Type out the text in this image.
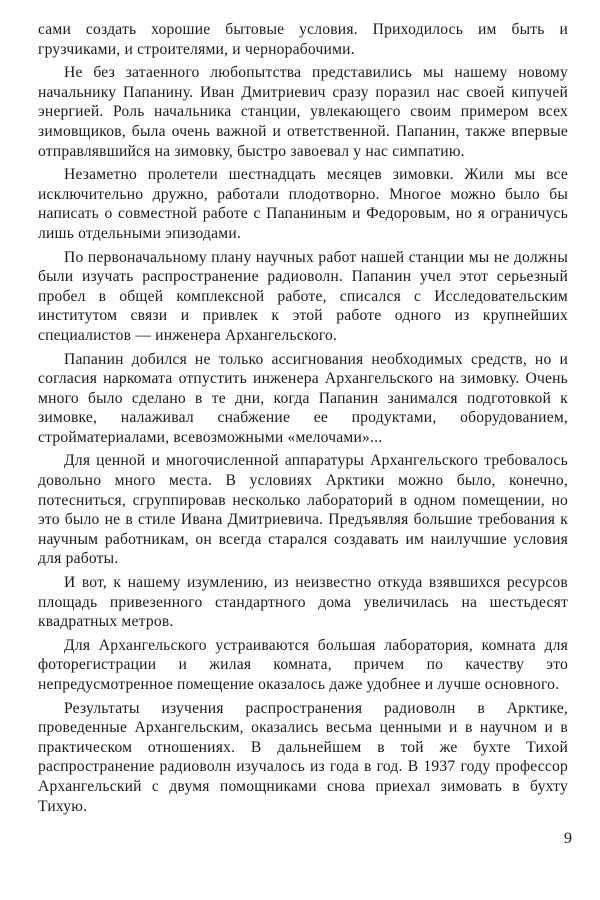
сами создать хорошие бытовые условия. Приходилось им быть и грузчиками, и строителями, и чернорабочими.

Не без затаенного любопытства представились мы нашему новому начальнику Папанину. Иван Дмитриевич сразу поразил нас своей кипучей энергией. Роль начальника станции, увлекающего своим примером всех зимовщиков, была очень важной и ответственной. Папанин, также впервые отправлявшийся на зимовку, быстро завоевал у нас симпатию.

Незаметно пролетели шестнадцать месяцев зимовки. Жили мы все исключительно дружно, работали плодотворно. Многое можно было бы написать о совместной работе с Папаниным и Федоровым, но я ограничусь лишь отдельными эпизодами.

По первоначальному плану научных работ нашей станции мы не должны были изучать распространение радиоволн. Папанин учел этот серьезный пробел в общей комплексной работе, списался с Исследовательским институтом связи и привлек к этой работе одного из крупнейших специалистов — инженера Архангельского.

Папанин добился не только ассигнования необходимых средств, но и согласия наркомата отпустить инженера Архангельского на зимовку. Очень много было сделано в те дни, когда Папанин занимался подготовкой к зимовке, налаживал снабжение ее продуктами, оборудованием, стройматериалами, всевозможными «мелочами»...

Для ценной и многочисленной аппаратуры Архангельского требовалось довольно много места. В условиях Арктики можно было, конечно, потесниться, сгруппировав несколько лабораторий в одном помещении, но это было не в стиле Ивана Дмитриевича. Предъявляя большие требования к научным работникам, он всегда старался создавать им наилучшие условия для работы.

И вот, к нашему изумлению, из неизвестно откуда взявшихся ресурсов площадь привезенного стандартного дома увеличилась на шестьдесят квадратных метров.

Для Архангельского устраиваются большая лаборатория, комната для фоторегистрации и жилая комната, причем по качеству это непредусмотренное помещение оказалось даже удобнее и лучше основного.

Результаты изучения распространения радиоволн в Арктике, проведенные Архангельским, оказались весьма ценными и в научном и в практическом отношениях. В дальнейшем в той же бухте Тихой распространение радиоволн изучалось из года в год. В 1937 году профессор Архангельский с двумя помощниками снова приехал зимовать в бухту Тихую.

9
